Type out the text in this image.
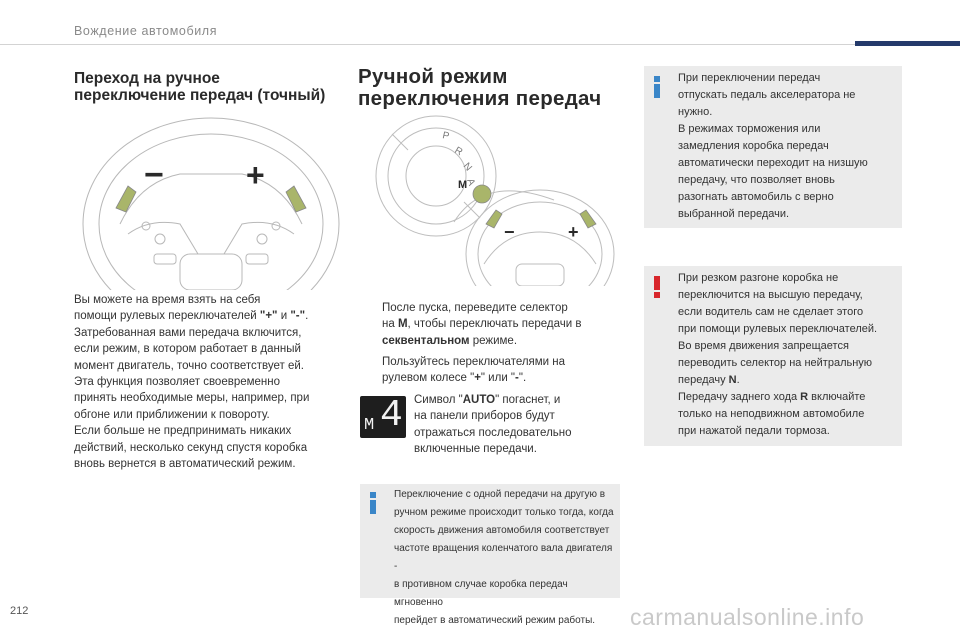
Вождение автомобиля
Переход на ручное
переключение передач (точный)
−	+
Вы можете на время взять на себя
помощи рулевых переключателей "+" и "-".
Затребованная вами передача включится,
если режим, в котором работает в данный
момент двигатель, точно соответствует ей.
Эта функция позволяет своевременно
принять необходимые меры, например, при
обгоне или приближении к повороту.
Если больше не предпринимать никаких
действий, несколько секунд спустя коробка
вновь вернется в автоматический режим.
Ручной режим
переключения передач
P
R
N
A
M
−	+
После пуска, переведите селектор
на M, чтобы переключать передачи в
секвентальном режиме.
Пользуйтесь переключателями на
рулевом колесе "+" или "-".
M 4 Символ "AUTO" погаснет, и
на панели приборов будут
отражаться последовательно
включенные передачи.
Переключение с одной передачи на другую в
ручном режиме происходит только тогда, когда
скорость движения автомобиля соответствует
частоте вращения коленчатого вала двигателя -
в противном случае коробка передач мгновенно
перейдет в автоматический режим работы.
При переключении передач
отпускать педаль акселератора не
нужно.
В режимах торможения или
замедления коробка передач
автоматически переходит на низшую
передачу, что позволяет вновь
разогнать автомобиль с верно
выбранной передачи.
При резком разгоне коробка не
переключится на высшую передачу,
если водитель сам не сделает этого
при помощи рулевых переключателей.
Во время движения запрещается
переводить селектор на нейтральную
передачу N.
Передачу заднего хода R включайте
только на неподвижном автомобиле
при нажатой педали тормоза.
212	carmanualsonline.info
